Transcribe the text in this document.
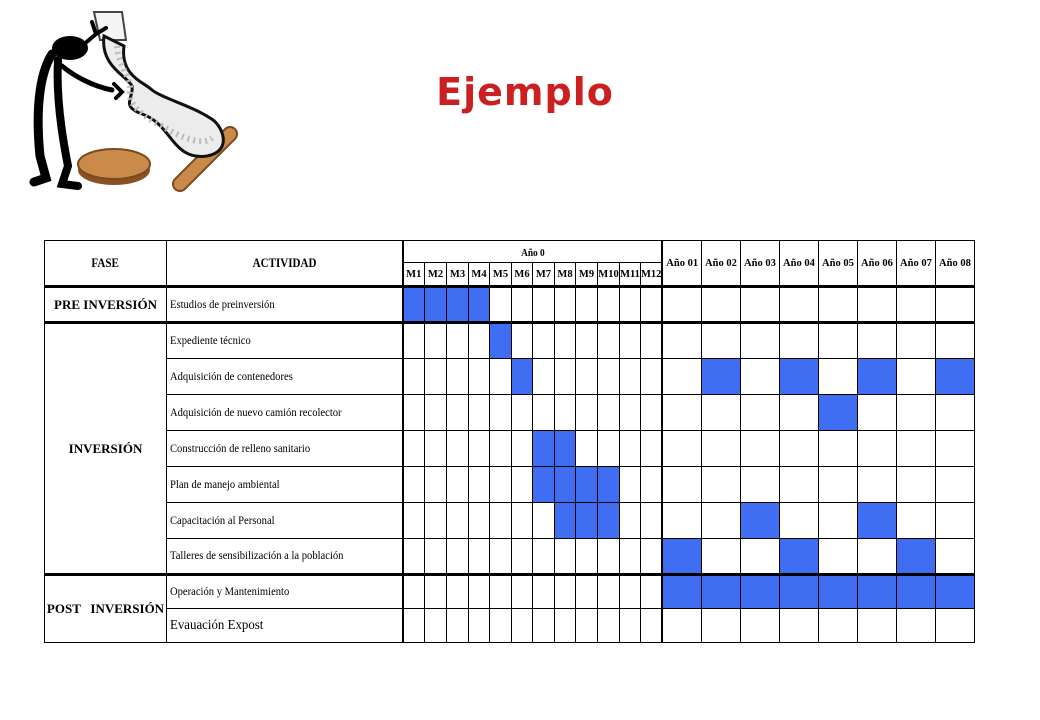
Ejemplo
FASE	ACTIVIDAD	Año 0												Año 01	Año 02	Año 03	Año 04	Año 05	Año 06	Año 07	Año 08
		M1	M2	M3	M4	M5	M6	M7	M8	M9	M10	M11	M12								
PRE INVERSIÓN	Estudios de preinversión																				
INVERSIÓN	Expediente técnico																				
	Adquisición de contenedores																				
	Adquisición de nuevo camión recolector																				
	Construcción de relleno sanitario																				
	Plan de manejo ambiental																				
	Capacitación al Personal																				
	Talleres de sensibilización a la población																				
POST   INVERSIÓN	Operación y Mantenimiento																				
	Evauación Expost																				
